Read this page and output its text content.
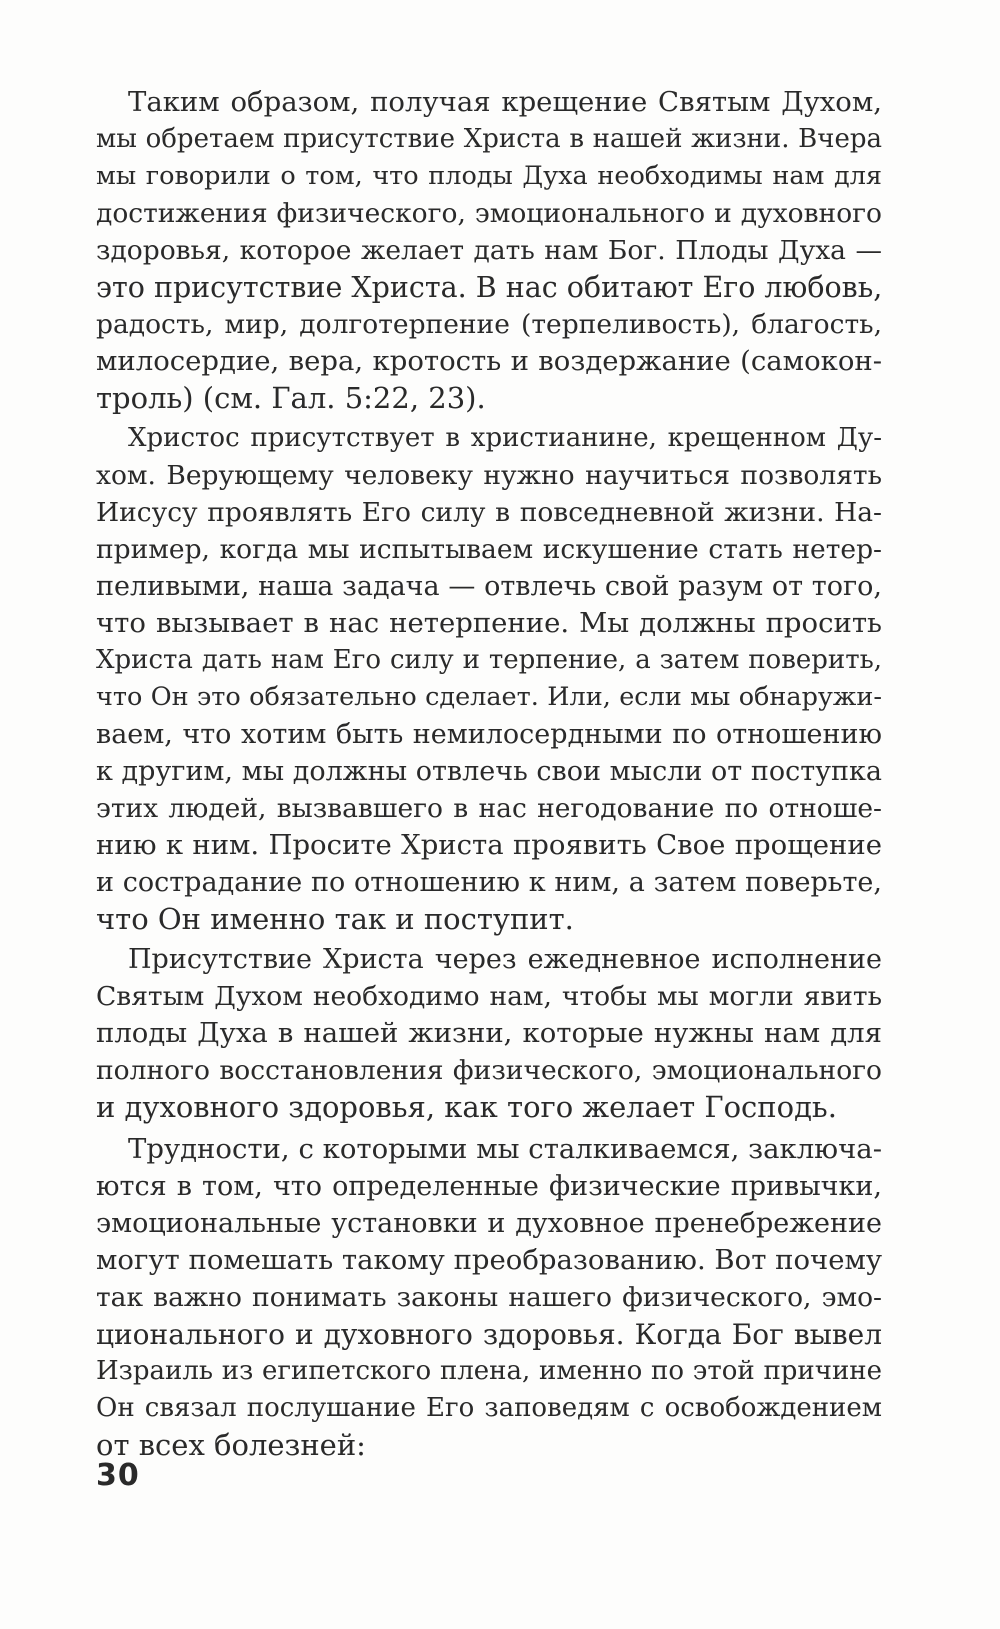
Таким образом, получая крещение Святым Духом,
мы обретаем присутствие Христа в нашей жизни. Вчера
мы говорили о том, что плоды Духа необходимы нам для
достижения физического, эмоционального и духовного
здоровья, которое желает дать нам Бог. Плоды Духа —
это присутствие Христа. В нас обитают Его любовь,
радость, мир, долготерпение (терпеливость), благость,
милосердие, вера, кротость и воздержание (самокон-
троль) (см. Гал. 5:22, 23).

Христос присутствует в христианине, крещенном Ду-
хом. Верующему человеку нужно научиться позволять
Иисусу проявлять Его силу в повседневной жизни. На-
пример, когда мы испытываем искушение стать нетер-
пеливыми, наша задача — отвлечь свой разум от того,
что вызывает в нас нетерпение. Мы должны просить
Христа дать нам Его силу и терпение, а затем поверить,
что Он это обязательно сделает. Или, если мы обнаружи-
ваем, что хотим быть немилосердными по отношению
к другим, мы должны отвлечь свои мысли от поступка
этих людей, вызвавшего в нас негодование по отноше-
нию к ним. Просите Христа проявить Свое прощение
и сострадание по отношению к ним, а затем поверьте,
что Он именно так и поступит.

Присутствие Христа через ежедневное исполнение
Святым Духом необходимо нам, чтобы мы могли явить
плоды Духа в нашей жизни, которые нужны нам для
полного восстановления физического, эмоционального
и духовного здоровья, как того желает Господь.

Трудности, с которыми мы сталкиваемся, заключа-
ются в том, что определенные физические привычки,
эмоциональные установки и духовное пренебрежение
могут помешать такому преобразованию. Вот почему
так важно понимать законы нашего физического, эмо-
ционального и духовного здоровья. Когда Бог вывел
Израиль из египетского плена, именно по этой причине
Он связал послушание Его заповедям с освобождением
от всех болезней:

30
